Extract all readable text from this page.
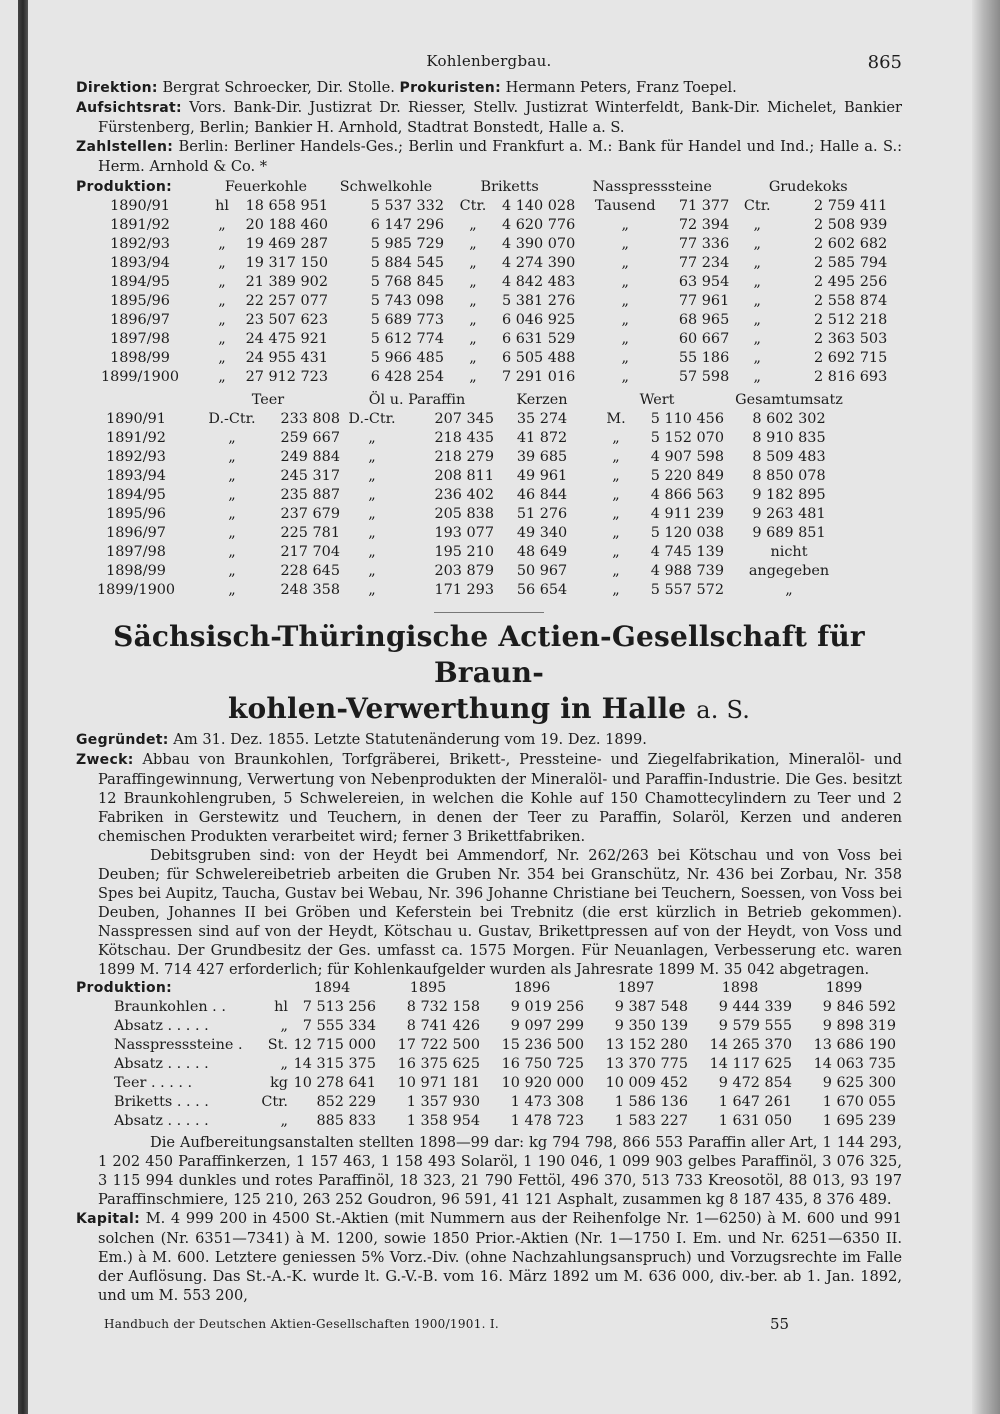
Kohlenbergbau.	865

Direktion: Bergrat Schroecker, Dir. Stolle. Prokuristen: Hermann Peters, Franz Toepel.

Aufsichtsrat: Vors. Bank-Dir. Justizrat Dr. Riesser, Stellv. Justizrat Winterfeldt, Bank-Dir. Michelet, Bankier Fürstenberg, Berlin; Bankier H. Arnhold, Stadtrat Bonstedt, Halle a. S.

Zahlstellen: Berlin: Berliner Handels-Ges.; Berlin und Frankfurt a. M.: Bank für Handel und Ind.; Halle a. S.: Herm. Arnhold & Co. *

Produktion:	Feuerkohle		Schwelkohle	Briketts		Nasspresssteine		Grudekoks	
1890/91	hl	18 658 951	5 537 332	Ctr.	4 140 028	Tausend	71 377	Ctr.	2 759 411
1891/92	„	20 188 460	6 147 296	„	4 620 776	„	72 394	„	2 508 939
1892/93	„	19 469 287	5 985 729	„	4 390 070	„	77 336	„	2 602 682
1893/94	„	19 317 150	5 884 545	„	4 274 390	„	77 234	„	2 585 794
1894/95	„	21 389 902	5 768 845	„	4 842 483	„	63 954	„	2 495 256
1895/96	„	22 257 077	5 743 098	„	5 381 276	„	77 961	„	2 558 874
1896/97	„	23 507 623	5 689 773	„	6 046 925	„	68 965	„	2 512 218
1897/98	„	24 475 921	5 612 774	„	6 631 529	„	60 667	„	2 363 503
1898/99	„	24 955 431	5 966 485	„	6 505 488	„	55 186	„	2 692 715
1899/1900	„	27 912 723	6 428 254	„	7 291 016	„	57 598	„	2 816 693
	Teer		Öl u. Paraffin		Kerzen	Wert		Gesamtumsatz
1890/91	D.-Ctr.	233 808	D.-Ctr.	207 345	35 274	M.	5 110 456	8 602 302
1891/92	„	259 667	„	218 435	41 872	„	5 152 070	8 910 835
1892/93	„	249 884	„	218 279	39 685	„	4 907 598	8 509 483
1893/94	„	245 317	„	208 811	49 961	„	5 220 849	8 850 078
1894/95	„	235 887	„	236 402	46 844	„	4 866 563	9 182 895
1895/96	„	237 679	„	205 838	51 276	„	4 911 239	9 263 481
1896/97	„	225 781	„	193 077	49 340	„	5 120 038	9 689 851
1897/98	„	217 704	„	195 210	48 649	„	4 745 139	nicht
1898/99	„	228 645	„	203 879	50 967	„	4 988 739	angegeben
1899/1900	„	248 358	„	171 293	56 654	„	5 557 572	„
Sächsisch-Thüringische Actien-Gesellschaft für Braun-
kohlen-Verwerthung in Halle a. S.

Gegründet: Am 31. Dez. 1855. Letzte Statutenänderung vom 19. Dez. 1899.

Zweck: Abbau von Braunkohlen, Torfgräberei, Brikett-, Pressteine- und Ziegelfabrikation, Mineralöl- und Paraffingewinnung, Verwertung von Nebenprodukten der Mineralöl- und Paraffin-Industrie. Die Ges. besitzt 12 Braunkohlengruben, 5 Schwelereien, in welchen die Kohle auf 150 Chamottecylindern zu Teer und 2 Fabriken in Gerstewitz und Teuchern, in denen der Teer zu Paraffin, Solaröl, Kerzen und anderen chemischen Produkten verarbeitet wird; ferner 3 Brikettfabriken.

Debitsgruben sind: von der Heydt bei Ammendorf, Nr. 262/263 bei Kötschau und von Voss bei Deuben; für Schwelereibetrieb arbeiten die Gruben Nr. 354 bei Granschütz, Nr. 436 bei Zorbau, Nr. 358 Spes bei Aupitz, Taucha, Gustav bei Webau, Nr. 396 Johanne Christiane bei Teuchern, Soessen, von Voss bei Deuben, Johannes II bei Gröben und Keferstein bei Trebnitz (die erst kürzlich in Betrieb gekommen). Nasspressen sind auf von der Heydt, Kötschau u. Gustav, Brikettpressen auf von der Heydt, von Voss und Kötschau. Der Grundbesitz der Ges. umfasst ca. 1575 Morgen. Für Neuanlagen, Verbesserung etc. waren 1899 M. 714 427 erforderlich; für Kohlenkaufgelder wurden als Jahresrate 1899 M. 35 042 abgetragen.

Produktion:		1894	1895	1896	1897	1898	1899
Braunkohlen . .	hl	7 513 256	8 732 158	9 019 256	9 387 548	9 444 339	9 846 592
Absatz . . . . .	„	7 555 334	8 741 426	9 097 299	9 350 139	9 579 555	9 898 319
Nasspresssteine .	St.	12 715 000	17 722 500	15 236 500	13 152 280	14 265 370	13 686 190
Absatz . . . . .	„	14 315 375	16 375 625	16 750 725	13 370 775	14 117 625	14 063 735
Teer . . . . .	kg	10 278 641	10 971 181	10 920 000	10 009 452	9 472 854	9 625 300
Briketts . . . .	Ctr.	852 229	1 357 930	1 473 308	1 586 136	1 647 261	1 670 055
Absatz . . . . .	„	885 833	1 358 954	1 478 723	1 583 227	1 631 050	1 695 239

Die Aufbereitungsanstalten stellten 1898—99 dar: kg 794 798, 866 553 Paraffin aller Art, 1 144 293, 1 202 450 Paraffinkerzen, 1 157 463, 1 158 493 Solaröl, 1 190 046, 1 099 903 gelbes Paraffinöl, 3 076 325, 3 115 994 dunkles und rotes Paraffinöl, 18 323, 21 790 Fettöl, 496 370, 513 733 Kreosotöl, 88 013, 93 197 Paraffinschmiere, 125 210, 263 252 Goudron, 96 591, 41 121 Asphalt, zusammen kg 8 187 435, 8 376 489.

Kapital: M. 4 999 200 in 4500 St.-Aktien (mit Nummern aus der Reihenfolge Nr. 1—6250) à M. 600 und 991 solchen (Nr. 6351—7341) à M. 1200, sowie 1850 Prior.-Aktien (Nr. 1—1750 I. Em. und Nr. 6251—6350 II. Em.) à M. 600. Letztere geniessen 5% Vorz.-Div. (ohne Nachzahlungsanspruch) und Vorzugsrechte im Falle der Auflösung. Das St.-A.-K. wurde lt. G.-V.-B. vom 16. März 1892 um M. 636 000, div.-ber. ab 1. Jan. 1892, und um M. 553 200,

Handbuch der Deutschen Aktien-Gesellschaften 1900/1901. I.	55
